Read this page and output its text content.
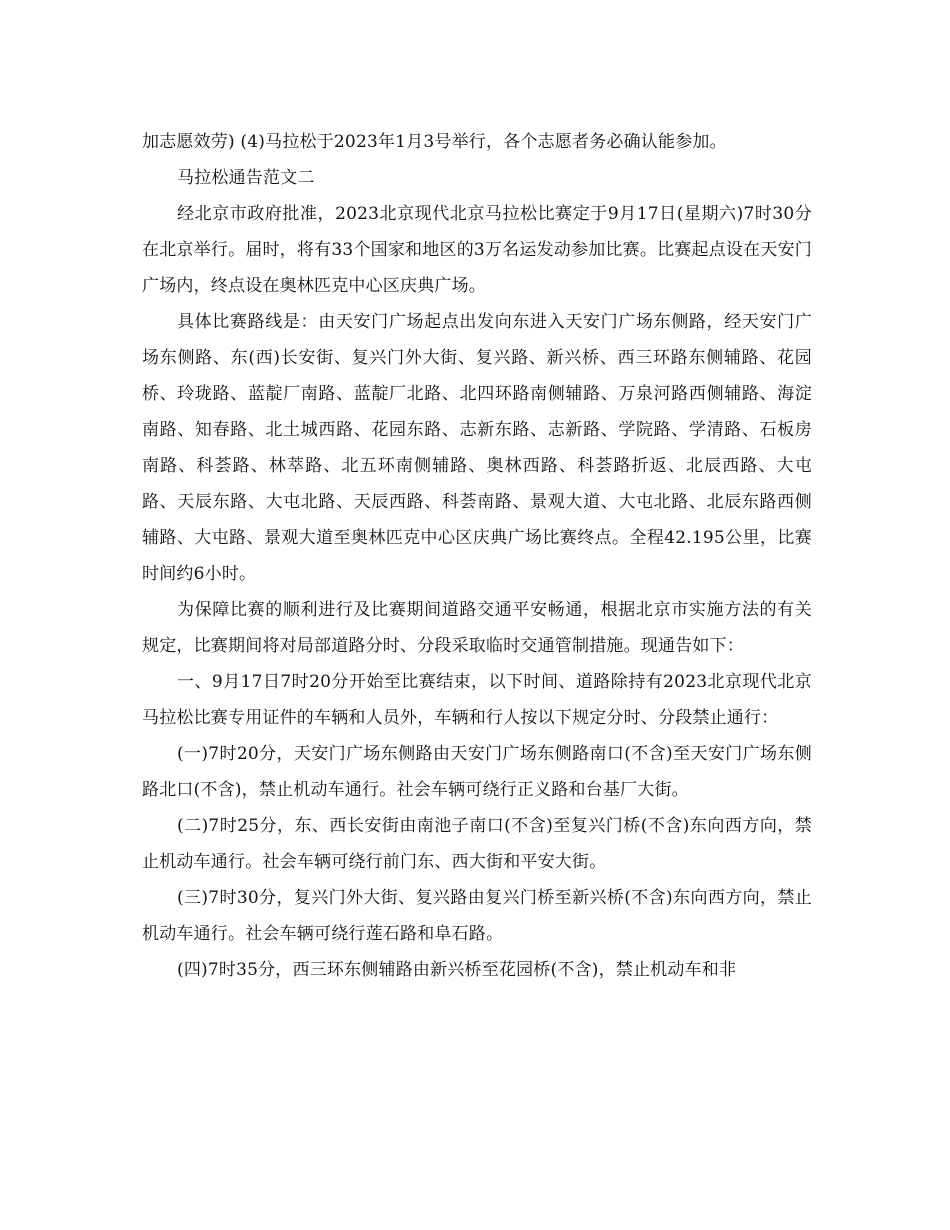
加志愿效劳) (4)马拉松于2023年1月3号举行，各个志愿者务必确认能参加。

马拉松通告范文二

经北京市政府批准，2023北京现代北京马拉松比赛定于9月17日(星期六)7时30分在北京举行。届时，将有33个国家和地区的3万名运发动参加比赛。比赛起点设在天安门广场内，终点设在奥林匹克中心区庆典广场。

具体比赛路线是：由天安门广场起点出发向东进入天安门广场东侧路，经天安门广场东侧路、东(西)长安街、复兴门外大街、复兴路、新兴桥、西三环路东侧辅路、花园桥、玲珑路、蓝靛厂南路、蓝靛厂北路、北四环路南侧辅路、万泉河路西侧辅路、海淀南路、知春路、北土城西路、花园东路、志新东路、志新路、学院路、学清路、石板房南路、科荟路、林萃路、北五环南侧辅路、奥林西路、科荟路折返、北辰西路、大屯路、天辰东路、大屯北路、天辰西路、科荟南路、景观大道、大屯北路、北辰东路西侧辅路、大屯路、景观大道至奥林匹克中心区庆典广场比赛终点。全程42.195公里，比赛时间约6小时。

为保障比赛的顺利进行及比赛期间道路交通平安畅通，根据北京市实施方法的有关规定，比赛期间将对局部道路分时、分段采取临时交通管制措施。现通告如下：

一、9月17日7时20分开始至比赛结束，以下时间、道路除持有2023北京现代北京马拉松比赛专用证件的车辆和人员外，车辆和行人按以下规定分时、分段禁止通行：

(一)7时20分，天安门广场东侧路由天安门广场东侧路南口(不含)至天安门广场东侧路北口(不含)，禁止机动车通行。社会车辆可绕行正义路和台基厂大街。

(二)7时25分，东、西长安街由南池子南口(不含)至复兴门桥(不含)东向西方向，禁止机动车通行。社会车辆可绕行前门东、西大街和平安大街。

(三)7时30分，复兴门外大街、复兴路由复兴门桥至新兴桥(不含)东向西方向，禁止机动车通行。社会车辆可绕行莲石路和阜石路。

(四)7时35分，西三环东侧辅路由新兴桥至花园桥(不含)，禁止机动车和非
